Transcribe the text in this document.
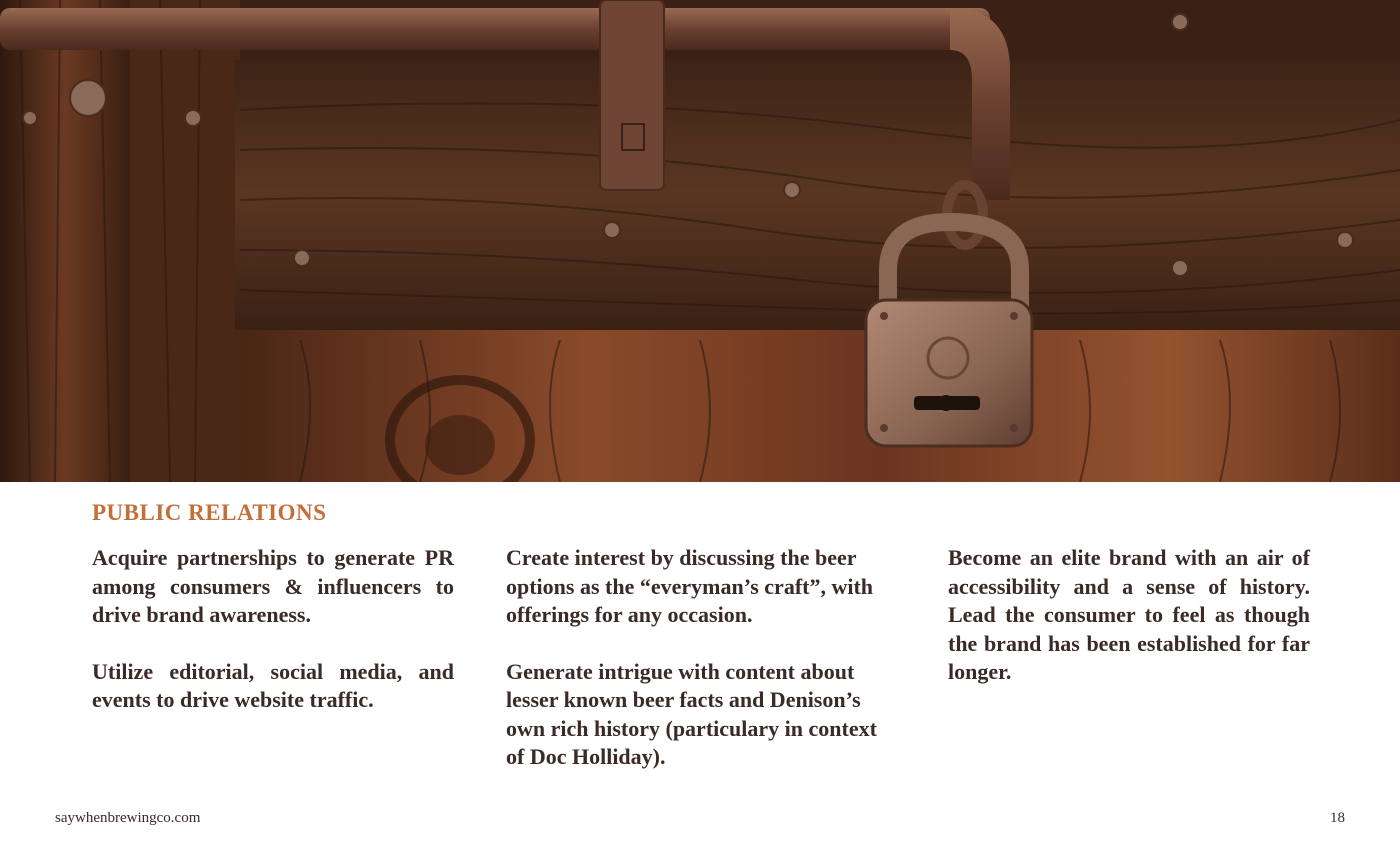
PUBLIC RELATIONS

Acquire partnerships to generate PR among consumers & influencers to drive brand awareness.

Utilize editorial, social media, and events to drive website traffic.

Create interest by discussing the beer options as the “everyman’s craft”, with offerings for any occasion.

Generate intrigue with content about lesser known beer facts and Denison’s own rich history (particulary in context of Doc Holliday).

Become an elite brand with an air of accessibility and a sense of history. Lead the consumer to feel as though the brand has been established for far longer.

saywhenbrewingco.com	18
